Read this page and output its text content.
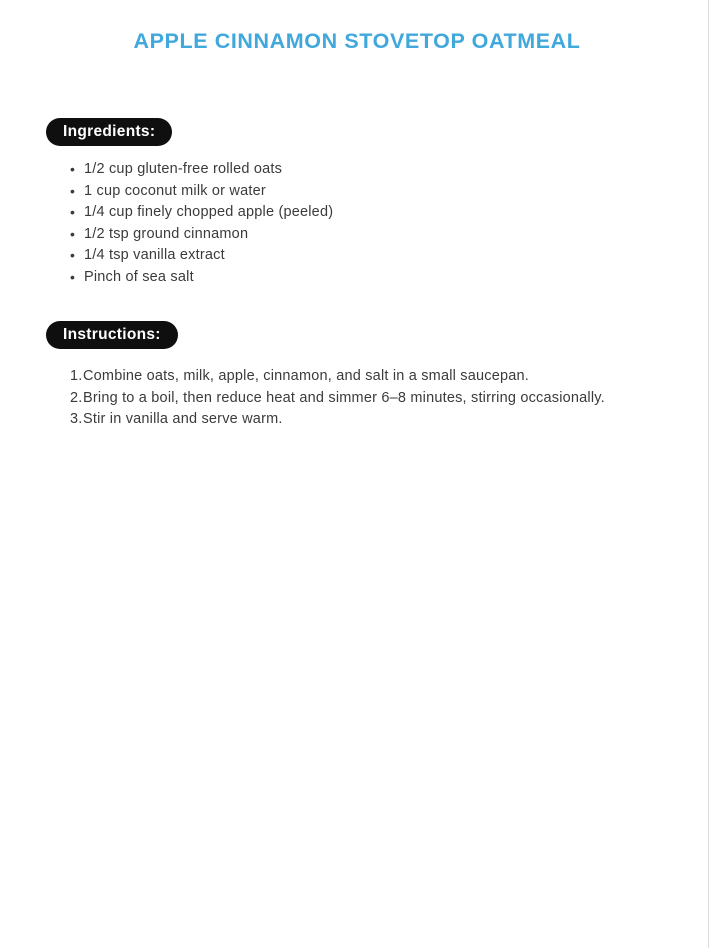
APPLE CINNAMON STOVETOP OATMEAL
Ingredients:
• 1/2 cup gluten-free rolled oats
• 1 cup coconut milk or water
• 1/4 cup finely chopped apple (peeled)
• 1/2 tsp ground cinnamon
• 1/4 tsp vanilla extract
• Pinch of sea salt
Instructions:
Combine oats, milk, apple, cinnamon, and salt in a small saucepan.
Bring to a boil, then reduce heat and simmer 6–8 minutes, stirring occasionally.
Stir in vanilla and serve warm.
